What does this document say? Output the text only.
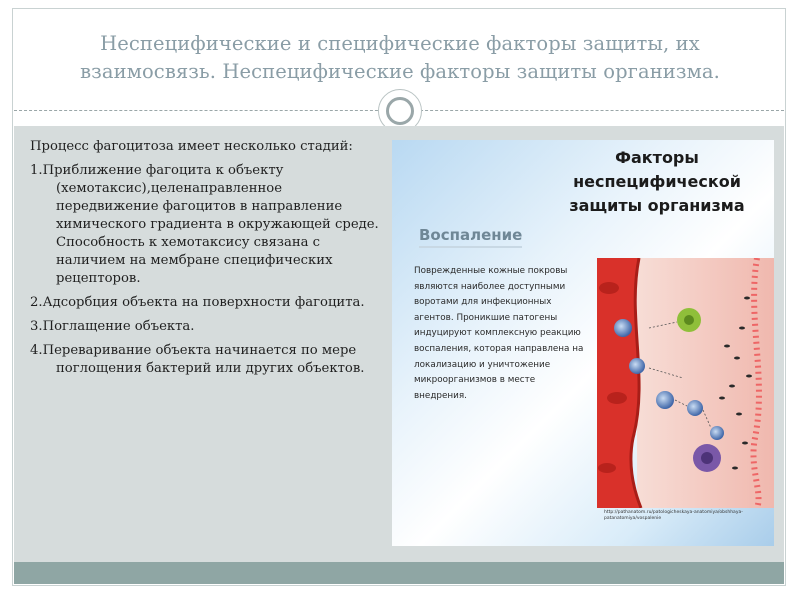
Неспецифические и специфические факторы защиты, их взаимосвязь. Неспецифические факторы защиты организма.

Процесс фагоцитоза имеет несколько стадий:

1.Приближение фагоцита к объекту (хемотаксис),целенаправленное передвижение фагоцитов в направление химического градиента в окружающей среде. Способность к хемотаксису связана с наличием на мембране специфических рецепторов.

2.Адсорбция объекта на поверхности фагоцита.

3.Поглащение объекта.

4.Переваривание объекта начинается по мере поглощения бактерий или других объектов.

Факторы неспецифической защиты организма
Воспаление
Поврежденные кожные покровы
являются наиболее доступными
воротами для инфекционных
агентов. Проникшие патогены
индуцируют комплексную реакцию
воспаления, которая направлена на
локализацию и уничтожение
микроорганизмов в месте
внедрения.
http://pathanatom.ru/patologicheskaya-anatomiya/obshhaya-patanatomiya/vospalenie
